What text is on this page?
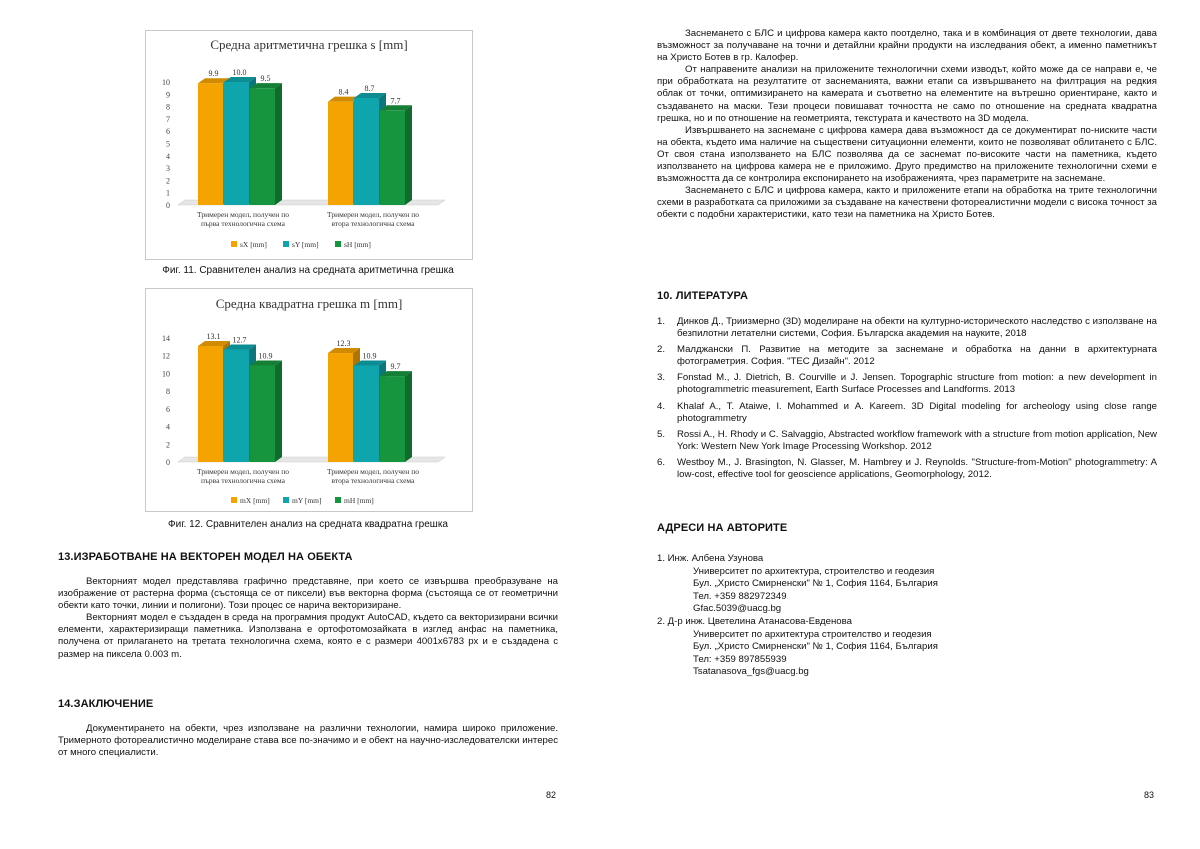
Средна аритметична грешка s [mm]
0
1
2
3
4
5
6
7
8
9
10
9.9 10.0
9.5
Тримерен модел, получен по
първа технологична схема
8.4 8.7
7.7
Тримерен модел, получен по
втора технологична схема
sX [mm]	sY [mm]	sH [mm]
Фиг. 11. Сравнителен анализ на средната аритметична грешка
Средна квадратна грешка m [mm]
0
2
4
6
8
10
12
14	13.1 12.7
10.9
Тримерен модел, получен по
първа технологична схема
12.3
10.9
9.7
Тримерен модел, получен по
втора технологична схема
mX [mm]	mY [mm]	mH [mm]
Фиг. 12. Сравнителен анализ на средната квадратна грешка
13.ИЗРАБОТВАНЕ НА ВЕКТОРЕН МОДЕЛ НА ОБЕКТА

Векторният модел представлява графично представяне, при което се извършва преобразуване на изображение от растерна форма (състояща се от пиксели) във векторна форма (състояща се от геометрични обекти като точки, линии и полигони). Този процес се нарича векторизиране.

Векторният модел е създаден в среда на програмния продукт AutoCAD, където са векторизирани всички елементи, характеризиращи паметника. Използвана е ортофотомозайката в изглед анфас на паметника, получена от прилагането на третата технологична схема, която е с размери 4001х6783 px и е създадена с размер на пиксела 0.003 m.

14.ЗАКЛЮЧЕНИЕ

Документирането на обекти, чрез използване на различни технологии, намира широко приложение. Тримерното фотореалистично моделиране става все по-значимо и е обект на научно-изследователски интерес от много специалисти.

82

Заснемането с БЛС и цифрова камера както поотделно, така и в комбинация от двете технологии, дава възможност за получаване на точни и детайлни крайни продукти на изследвания обект, а именно паметникът на Христо Ботев в гр. Калофер.

От направените анализи на приложените технологични схеми изводът, който може да се направи е, че при обработката на резултатите от заснеманията, важни етапи са извършването на филтрация на редкия облак от точки, оптимизирането на камерата и съответно на елементите на вътрешно ориентиране, както и създаването на маски. Тези процеси повишават точността не само по отношение на средната квадратна грешка, но и по отношение на геометрията, текстурата и качеството на 3D модела.

Извършването на заснемане с цифрова камера дава възможност да се документират по-ниските части на обекта, където има наличие на съществени ситуационни елементи, които не позволяват облитането с БЛС. От своя стана използването на БЛС позволява да се заснемат по-високите части на паметника, където използването на цифрова камера не е приложимо. Друго предимство на приложените технологични схеми е възможността да се контролира експонирането на изображенията, чрез параметрите на заснемане.

Заснемането с БЛС и цифрова камера, както и приложените етапи на обработка на трите технологични схеми в разработката са приложими за създаване на качествени фотореалистични модели с висока точност за обекти с подобни характеристики, като тези на паметника на Христо Ботев.

10. ЛИТЕРАТУРА
1. Динков Д., Триизмерно (3D) моделиране на обекти на културно-историческото наследство с използване на безпилотни летателни системи, София. Българска академия на науките, 2018
2. Малджански П. Развитие на методите за заснемане и обработка на данни в архитектурната фотограметрия. София. "ТЕС Дизайн". 2012
3. Fonstad M., J. Dietrich, B. Courville и J. Jensen. Topographic structure from motion: a new development in photogrammetric measurement, Earth Surface Processes and Landforms. 2013
4. Khalaf A., T. Ataiwe, I. Mohammed и A. Kareem. 3D Digital modeling for archeology using close range photogrammetry
5. Rossi A., H. Rhody и C. Salvaggio, Abstracted workflow framework with a structure from motion application, New York: Western New York Image Processing Workshop. 2012
6. Westboy M., J. Brasington, N. Glasser, M. Hambrey и J. Reynolds. "Structure-from-Motion" photogrammetry: A low-cost, effective tool for geoscience applications, Geomorphology, 2012.
АДРЕСИ НА АВТОРИТЕ
1. Инж. Албена Узунова
Университет по архитектура, строителство и геодезия
Бул. „Христо Смирненски" № 1, София 1164, България
Тел. +359 882972349
Gfac.5039@uacg.bg
2. Д-р инж. Цветелина Атанасова-Евденова
Университет по архитектура строителство и геодезия
Бул. „Христо Смирненски" № 1, София 1164, България
Тел: +359 897855939
Tsatanasova_fgs@uacg.bg
83
